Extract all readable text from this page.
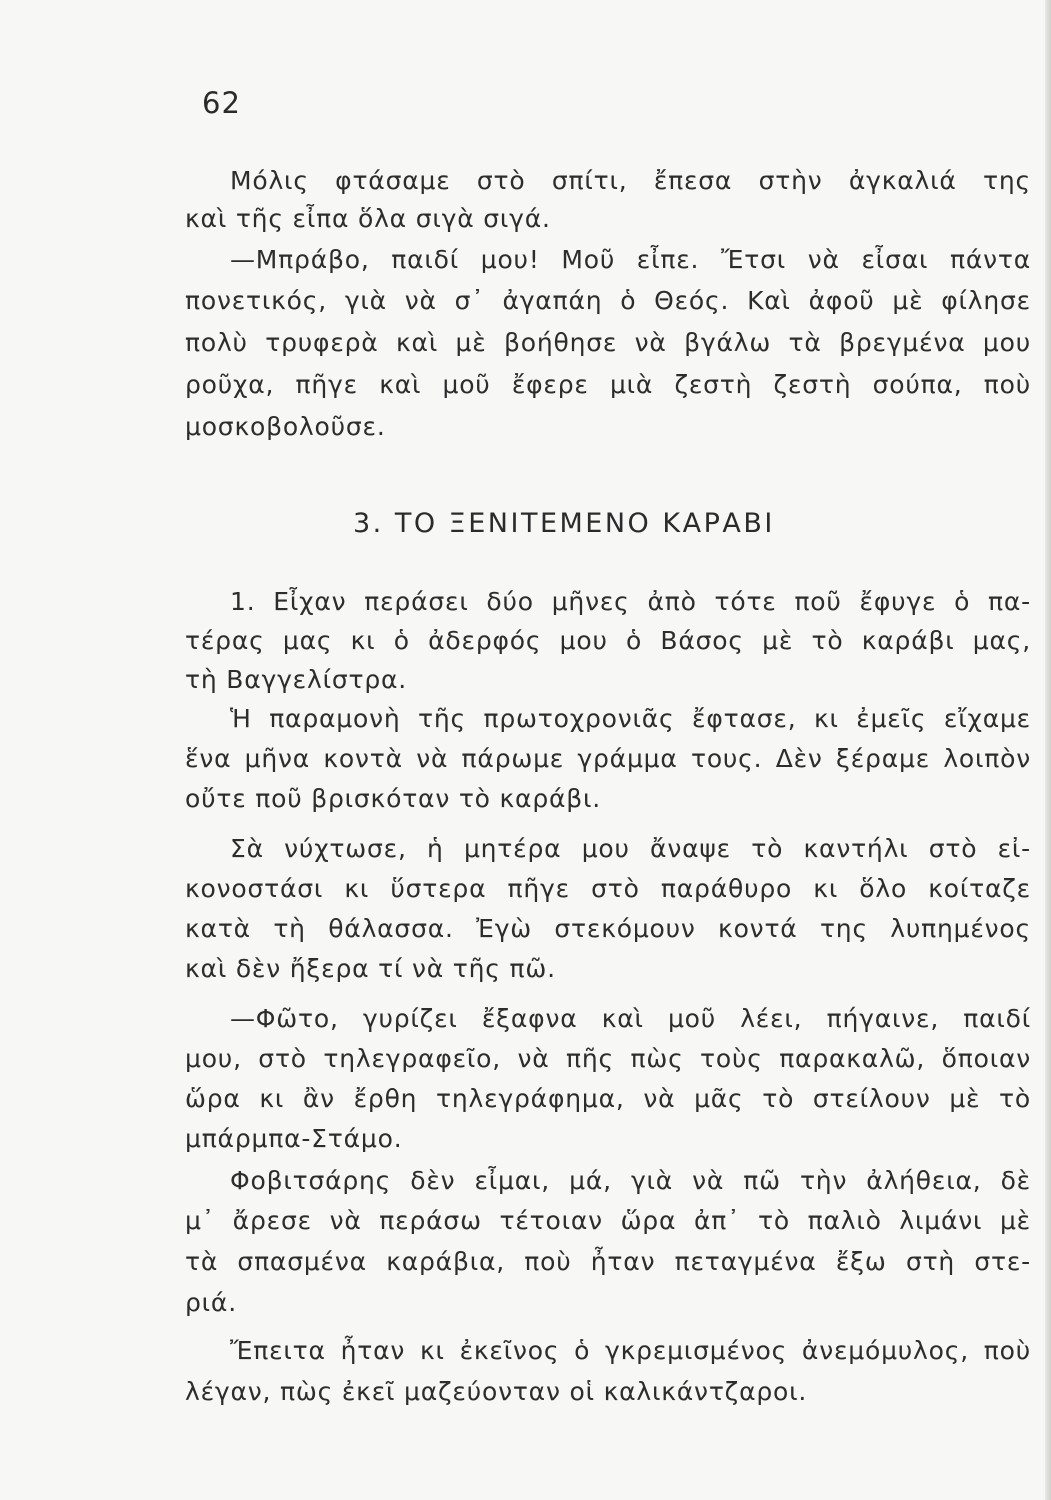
62
Μόλις φτάσαμε στὸ σπίτι, ἔπεσα στὴν ἀγκαλιά της
καὶ τῆς εἶπα ὅλα σιγὰ σιγά.
—Μπράβο, παιδί μου! Μοῦ εἶπε. Ἔτσι νὰ εἶσαι πάντα
πονετικός, γιὰ νὰ σ᾽ ἀγαπάη ὁ Θεός. Καὶ ἀφοῦ μὲ φίλησε
πολὺ τρυφερὰ καὶ μὲ βοήθησε νὰ βγάλω τὰ βρεγμένα μου
ροῦχα, πῆγε καὶ μοῦ ἔφερε μιὰ ζεστὴ ζεστὴ σούπα, ποὺ
μοσκοβολοῦσε.
3. ΤΟ ΞΕΝΙΤΕΜΕΝΟ ΚΑΡΑΒΙ
1. Εἶχαν περάσει δύο μῆνες ἀπὸ τότε ποῦ ἔφυγε ὁ πα-
τέρας μας κι ὁ ἀδερφός μου ὁ Βάσος μὲ τὸ καράβι μας,
τὴ Βαγγελίστρα.
Ἡ παραμονὴ τῆς πρωτοχρονιᾶς ἔφτασε, κι ἐμεῖς εἴχαμε
ἕνα μῆνα κοντὰ νὰ πάρωμε γράμμα τους. Δὲν ξέραμε λοιπὸν
οὔτε ποῦ βρισκόταν τὸ καράβι.
Σὰ νύχτωσε, ἡ μητέρα μου ἄναψε τὸ καντήλι στὸ εἰ-
κονοστάσι κι ὕστερα πῆγε στὸ παράθυρο κι ὅλο κοίταζε
κατὰ τὴ θάλασσα. Ἐγὼ στεκόμουν κοντά της λυπημένος
καὶ δὲν ἤξερα τί νὰ τῆς πῶ.
—Φῶτο, γυρίζει ἔξαφνα καὶ μοῦ λέει, πήγαινε, παιδί
μου, στὸ τηλεγραφεῖο, νὰ πῆς πὼς τοὺς παρακαλῶ, ὅποιαν
ὥρα κι ἂν ἔρθη τηλεγράφημα, νὰ μᾶς τὸ στείλουν μὲ τὸ
μπάρμπα-Στάμο.
Φοβιτσάρης δὲν εἶμαι, μά, γιὰ νὰ πῶ τὴν ἀλήθεια, δὲ
μ᾽ ἄρεσε νὰ περάσω τέτοιαν ὥρα ἀπ᾽ τὸ παλιὸ λιμάνι μὲ
τὰ σπασμένα καράβια, ποὺ ἦταν πεταγμένα ἔξω στὴ στε-
ριά.
Ἔπειτα ἦταν κι ἐκεῖνος ὁ γκρεμισμένος ἀνεμόμυλος, ποὺ
λέγαν, πὼς ἐκεῖ μαζεύονταν οἱ καλικάντζαροι.
